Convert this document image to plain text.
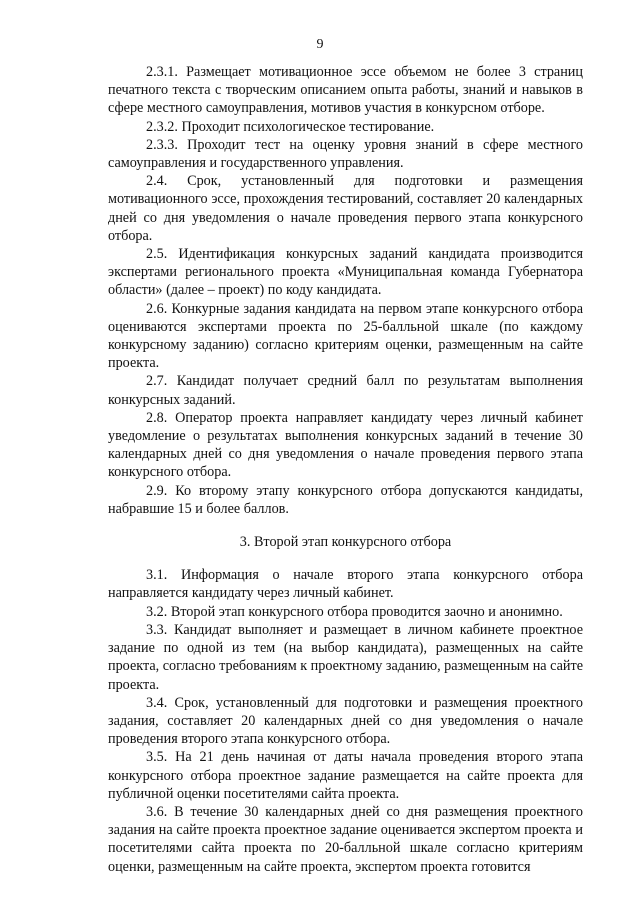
9

2.3.1. Размещает мотивационное эссе объемом не более 3 страниц печатного текста с творческим описанием опыта работы, знаний и навыков в сфере местного самоуправления, мотивов участия в конкурсном отборе.

2.3.2. Проходит психологическое тестирование.

2.3.3. Проходит тест на оценку уровня знаний в сфере местного самоуправления и государственного управления.

2.4. Срок, установленный для подготовки и размещения мотивационного эссе, прохождения тестирований, составляет 20 календарных дней со дня уведомления о начале проведения первого этапа конкурсного отбора.

2.5. Идентификация конкурсных заданий кандидата производится экспертами регионального проекта «Муниципальная команда Губернатора области» (далее – проект) по коду кандидата.

2.6. Конкурные задания кандидата на первом этапе конкурсного отбора оцениваются экспертами проекта по 25-балльной шкале (по каждому конкурсному заданию) согласно критериям оценки, размещенным на сайте проекта.

2.7. Кандидат получает средний балл по результатам выполнения конкурсных заданий.

2.8. Оператор проекта направляет кандидату через личный кабинет уведомление о результатах выполнения конкурсных заданий в течение 30 календарных дней со дня уведомления о начале проведения первого этапа конкурсного отбора.

2.9. Ко второму этапу конкурсного отбора допускаются кандидаты, набравшие 15 и более баллов.

3. Второй этап конкурсного отбора

3.1. Информация о начале второго этапа конкурсного отбора направляется кандидату через личный кабинет.

3.2. Второй этап конкурсного отбора проводится заочно и анонимно.

3.3. Кандидат выполняет и размещает в личном кабинете проектное задание по одной из тем (на выбор кандидата), размещенных на сайте проекта, согласно требованиям к проектному заданию, размещенным на сайте проекта.

3.4. Срок, установленный для подготовки и размещения проектного задания, составляет 20 календарных дней со дня уведомления о начале проведения второго этапа конкурсного отбора.

3.5. На 21 день начиная от даты начала проведения второго этапа конкурсного отбора проектное задание размещается на сайте проекта для публичной оценки посетителями сайта проекта.

3.6. В течение 30 календарных дней со дня размещения проектного задания на сайте проекта проектное задание оценивается экспертом проекта и посетителями сайта проекта по 20-балльной шкале согласно критериям оценки, размещенным на сайте проекта, экспертом проекта готовится
